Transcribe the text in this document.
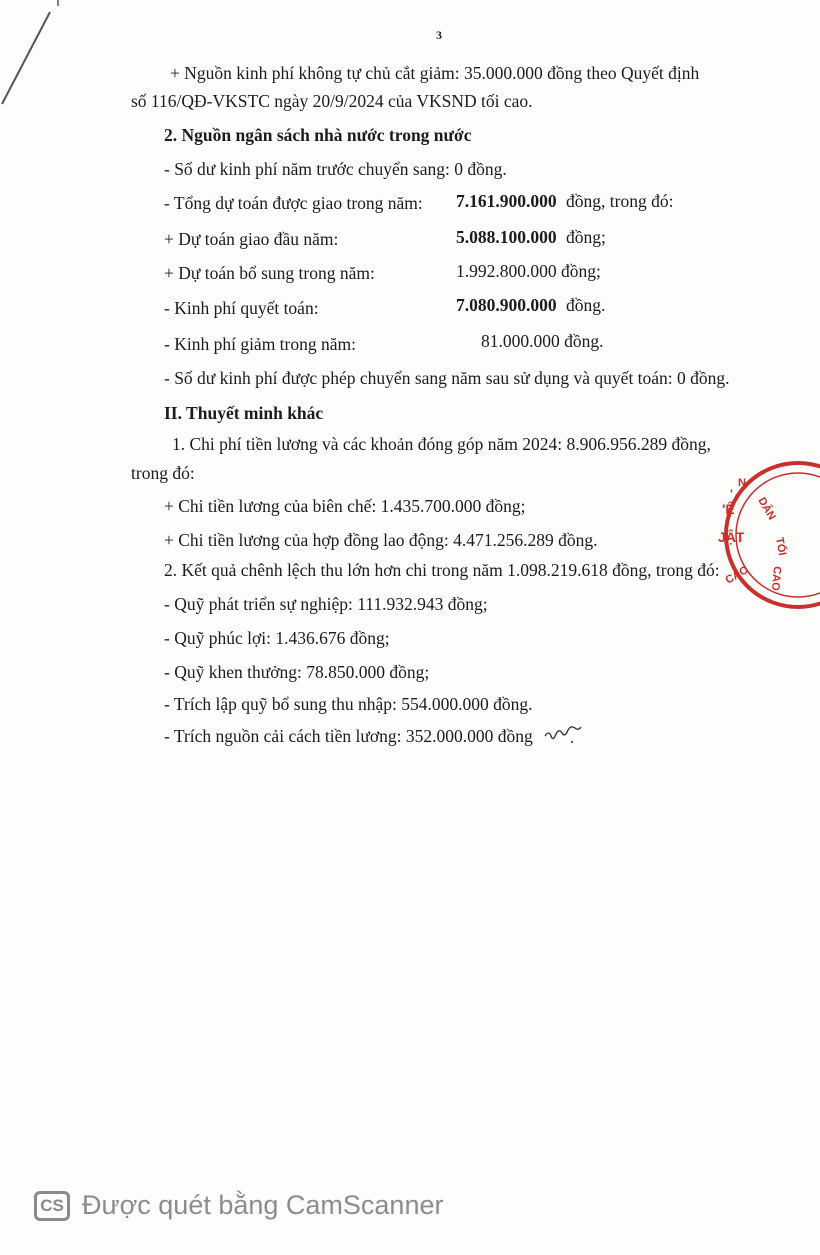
3
+ Nguồn kinh phí không tự chủ cắt giảm: 35.000.000 đồng theo Quyết định
số 116/QĐ-VKSTC ngày 20/9/2024 của VKSND tối cao.
2. Nguồn ngân sách nhà nước trong nước
- Số dư kinh phí năm trước chuyển sang: 0 đồng.
- Tổng dự toán được giao trong năm: 7.161.900.000 đồng, trong đó:
+ Dự toán giao đầu năm:	5.088.100.000 đồng;
+ Dự toán bổ sung trong năm:	1.992.800.000 đồng;
- Kinh phí quyết toán:	7.080.900.000 đồng.
- Kinh phí giảm trong năm:	81.000.000 đồng.
- Số dư kinh phí được phép chuyển sang năm sau sử dụng và quyết toán: 0 đồng.
II. Thuyết minh khác
1. Chi phí tiền lương và các khoản đóng góp năm 2024: 8.906.956.289 đồng,
trong đó:
+ Chi tiền lương của biên chế: 1.435.700.000 đồng;
+ Chi tiền lương của hợp đồng lao động: 4.471.256.289 đồng.
2. Kết quả chênh lệch thu lớn hơn chi trong năm 1.098.219.618 đồng, trong đó:
- Quỹ phát triển sự nghiệp: 111.932.943 đồng;
- Quỹ phúc lợi: 1.436.676 đồng;
- Quỹ khen thưởng: 78.850.000 đồng;
- Trích lập quỹ bổ sung thu nhập: 554.000.000 đồng.
- Trích nguồn cải cách tiền lương: 352.000.000 đồng
N
DÂN
TỐI
CAO
'Ệ
JẬT
CAO
'
CS Được quét bằng CamScanner
